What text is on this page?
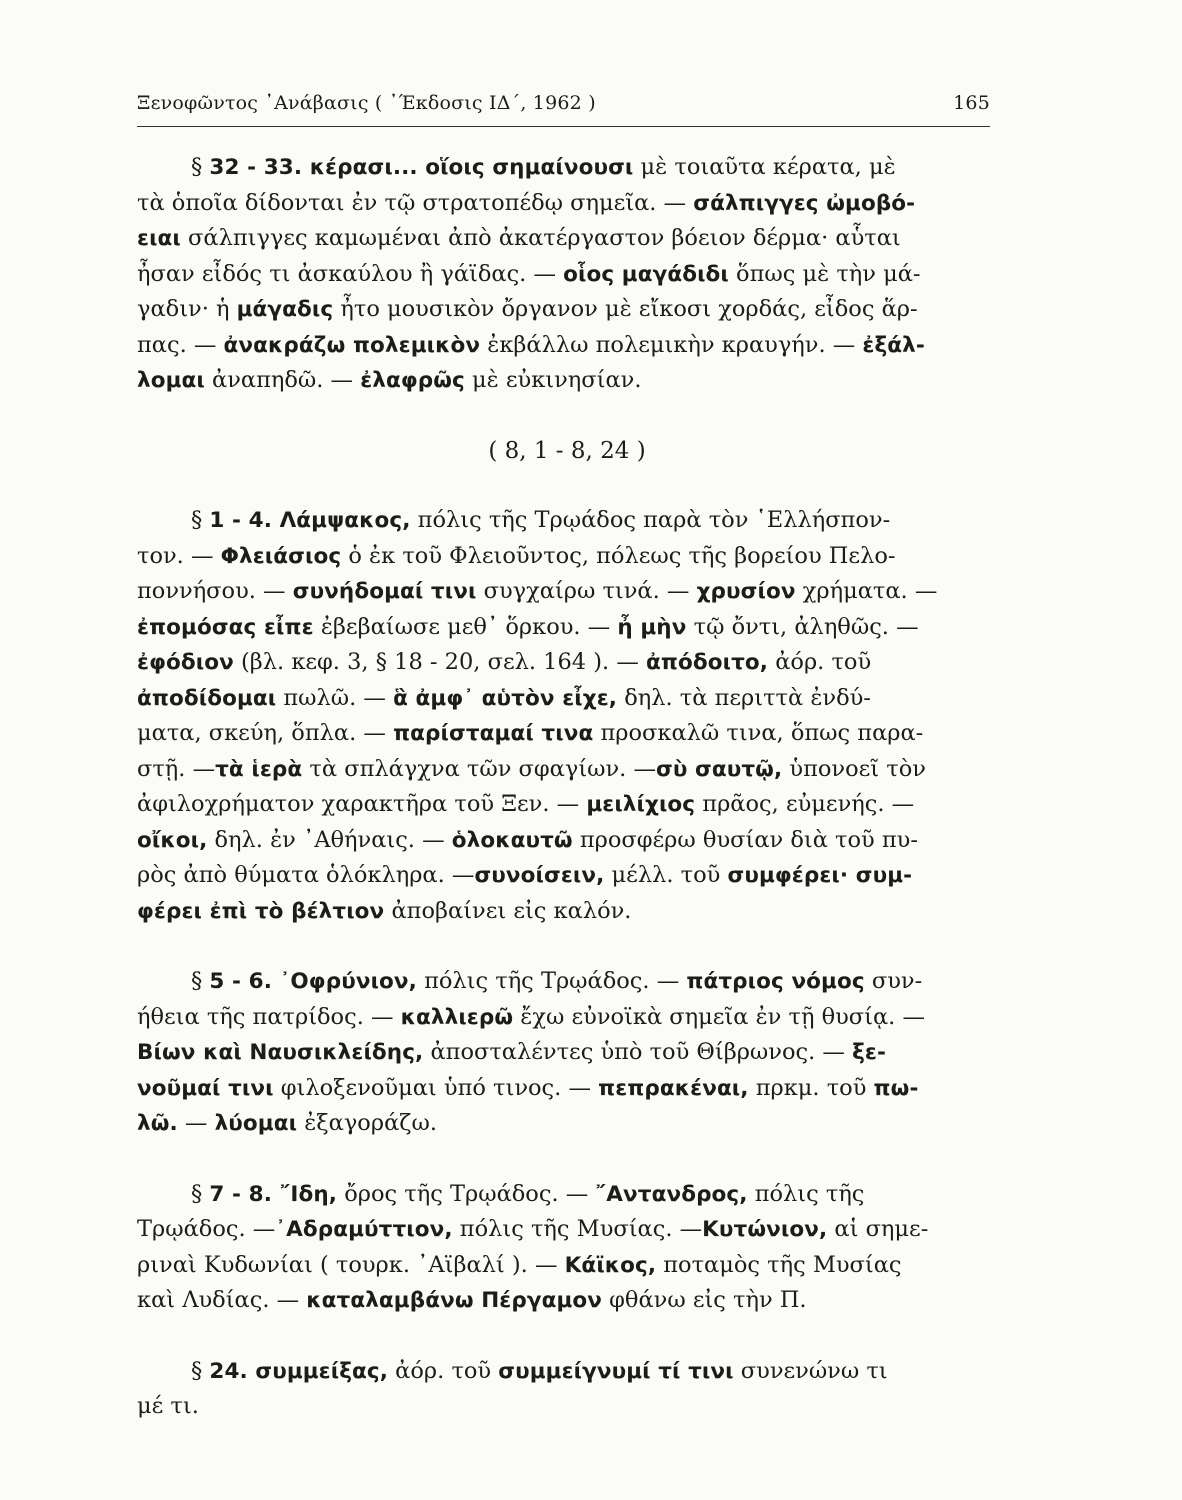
Ξενοφῶντος ᾿Ανάβασις ( ᾿Έκδοσις ΙΔ΄, 1962 )	165
§ 32 - 33. κέρασι... οἵοις σημαίνουσι μὲ τοιαῦτα κέρατα, μὲ
τὰ ὁποῖα δίδονται ἐν τῷ στρατοπέδῳ σημεῖα. — σάλπιγγες ὠμοβό-
ειαι σάλπιγγες καμωμέναι ἀπὸ ἀκατέργαστον βόειον δέρμα· αὗται
ἦσαν εἶδός τι ἀσκαύλου ἢ γάϊδας. — οἷος μαγάδιδι ὅπως μὲ τὴν μά-
γαδιν· ἡ μάγαδις ἦτο μουσικὸν ὄργανον μὲ εἴκοσι χορδάς, εἶδος ἅρ-
πας. — ἀνακράζω πολεμικὸν ἐκβάλλω πολεμικὴν κραυγήν. — ἐξάλ-
λομαι ἀναπηδῶ. — ἐλαφρῶς μὲ εὐκινησίαν.
( 8, 1 - 8, 24 )
§ 1 - 4. Λάμψακος, πόλις τῆς Τρῳάδος παρὰ τὸν ῾Ελλήσπον-
τον. — Φλειάσιος ὁ ἐκ τοῦ Φλειοῦντος, πόλεως τῆς βορείου Πελο-
ποννήσου. — συνήδομαί τινι συγχαίρω τινά. — χρυσίον χρήματα. —
ἐπομόσας εἶπε ἐβεβαίωσε μεθ᾿ ὅρκου. — ἦ μὴν τῷ ὄντι, ἀληθῶς. —
ἐφόδιον (βλ. κεφ. 3, § 18 - 20, σελ. 164 ). — ἀπόδοιτο, ἀόρ. τοῦ
ἀποδίδομαι πωλῶ. — ἃ ἀμφ᾿ αὑτὸν εἶχε, δηλ. τὰ περιττὰ ἐνδύ-
ματα, σκεύη, ὅπλα. — παρίσταμαί τινα προσκαλῶ τινα, ὅπως παρα-
στῇ. —τὰ ἱερὰ τὰ σπλάγχνα τῶν σφαγίων. —σὺ σαυτῷ, ὑπονοεῖ τὸν
ἀφιλοχρήματον χαρακτῆρα τοῦ Ξεν. — μειλίχιος πρᾶος, εὐμενής. —
οἴκοι, δηλ. ἐν ᾿Αθήναις. — ὁλοκαυτῶ προσφέρω θυσίαν διὰ τοῦ πυ-
ρὸς ἀπὸ θύματα ὁλόκληρα. —συνοίσειν, μέλλ. τοῦ συμφέρει· συμ-
φέρει ἐπὶ τὸ βέλτιον ἀποβαίνει εἰς καλόν.
§ 5 - 6. ᾿Οφρύνιον, πόλις τῆς Τρῳάδος. — πάτριος νόμος συν-
ήθεια τῆς πατρίδος. — καλλιερῶ ἔχω εὐνοϊκὰ σημεῖα ἐν τῇ θυσίᾳ. —
Βίων καὶ Ναυσικλείδης, ἀποσταλέντες ὑπὸ τοῦ Θίβρωνος. — ξε-
νοῦμαί τινι φιλοξενοῦμαι ὑπό τινος. — πεπρακέναι, πρκμ. τοῦ πω-
λῶ. — λύομαι ἐξαγοράζω.
§ 7 - 8. ῎Ιδη, ὄρος τῆς Τρῳάδος. — ῎Αντανδρος, πόλις τῆς
Τρῳάδος. —᾿Αδραμύττιον, πόλις τῆς Μυσίας. —Κυτώνιον, αἱ σημε-
ριναὶ Κυδωνίαι ( τουρκ. ᾿Αϊβαλί ). — Κάϊκος, ποταμὸς τῆς Μυσίας
καὶ Λυδίας. — καταλαμβάνω Πέργαμον φθάνω εἰς τὴν Π.
§ 24. συμμείξας, ἀόρ. τοῦ συμμείγνυμί τί τινι συνενώνω τι
μέ τι.
